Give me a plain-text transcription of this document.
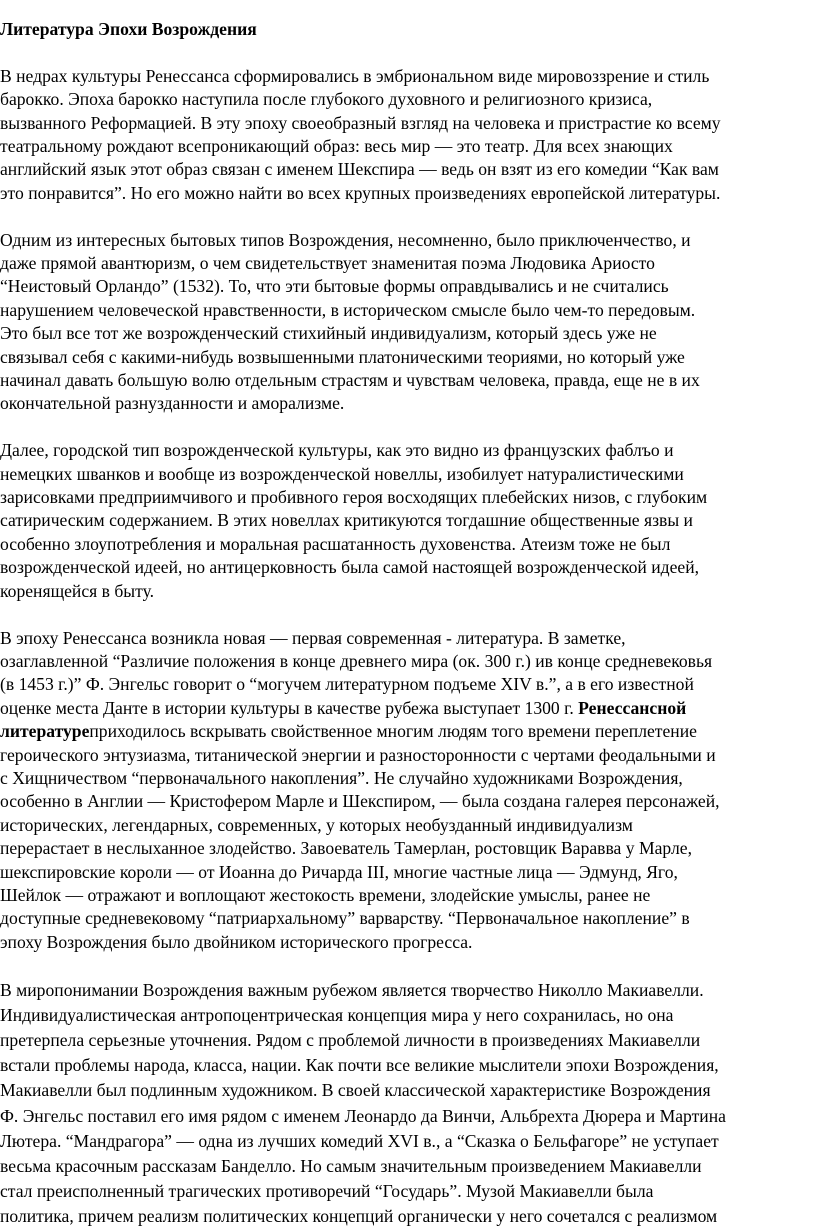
Литература Эпохи Возрождения
В недрах культуры Ренессанса сформировались в эмбриональном виде мировоззрение и стиль
барокко. Эпоха барокко наступила после глубокого духовного и религиозного кризиса,
вызванного Реформацией. В эту эпоху своеобразный взгляд на человека и пристрастие ко всему
театральному рождают всепроникающий образ: весь мир — это театр. Для всех знающих
английский язык этот образ связан с именем Шекспира — ведь он взят из его комедии “Как вам
это понравится”. Но его можно найти во всех крупных произведениях европейской литературы.
Одним из интересных бытовых типов Возрождения, несомненно, было приключенчество, и
даже прямой авантюризм, о чем свидетельствует знаменитая поэма Людовика Ариосто
“Неистовый Орландо” (1532). То, что эти бытовые формы оправдывались и не считались
нарушением человеческой нравственности, в историческом смысле было чем-то передовым.
Это был все тот же возрожденческий стихийный индивидуализм, который здесь уже не
связывал себя с какими-нибудь возвышенными платоническими теориями, но который уже
начинал давать большую волю отдельным страстям и чувствам человека, правда, еще не в их
окончательной разнузданности и аморализме.
Далее, городской тип возрожденческой культуры, как это видно из французских фаблъо и
немецких шванков и вообще из возрожденческой новеллы, изобилует натуралистическими
зарисовками предприимчивого и пробивного героя восходящих плебейских низов, с глубоким
сатирическим содержанием. В этих новеллах критикуются тогдашние общественные язвы и
особенно злоупотребления и моральная расшатанность духовенства. Атеизм тоже не был
возрожденческой идеей, но антицерковность была самой настоящей возрожденческой идеей,
коренящейся в быту.
В эпоху Ренессанса возникла новая — первая современная - литература. В заметке,
озаглавленной “Различие положения в конце древнего мира (ок. 300 г.) ив конце средневековья
(в 1453 г.)” Ф. Энгельс говорит о “могучем литературном подъеме XIV в.”, а в его известной
оценке места Данте в истории культуры в качестве рубежа выступает 1300 г. Ренессансной
литературеприходилось вскрывать свойственное многим людям того времени переплетение
героического энтузиазма, титанической энергии и разносторонности с чертами феодальными и
с Хищничеством “первоначального накопления”. Не случайно художниками Возрождения,
особенно в Англии — Кристофером Марле и Шекспиром, — была создана галерея персонажей,
исторических, легендарных, современных, у которых необузданный индивидуализм
перерастает в неслыханное злодейство. Завоеватель Тамерлан, ростовщик Варавва у Марле,
шекспировские короли — от Иоанна до Ричарда III, многие частные лица — Эдмунд, Яго,
Шейлок — отражают и воплощают жестокость времени, злодейские умыслы, ранее не
доступные средневековому “патриархальному” варварству. “Первоначальное накопление” в
эпоху Возрождения было двойником исторического прогресса.
В миропонимании Возрождения важным рубежом является творчество Николло Макиавелли.
Индивидуалистическая антропоцентрическая концепция мира у него сохранилась, но она
претерпела серьезные уточнения. Рядом с проблемой личности в произведениях Макиавелли
встали проблемы народа, класса, нации. Как почти все великие мыслители эпохи Возрождения,
Макиавелли был подлинным художником. В своей классической характеристике Возрождения
Ф. Энгельс поставил его имя рядом с именем Леонардо да Винчи, Альбрехта Дюрера и Мартина
Лютера. “Мандрагора” — одна из лучших комедий XVI в., а “Сказка о Бельфагоре” не уступает
весьма красочным рассказам Банделло. Но самым значительным произведением Макиавелли
стал преисполненный трагических противоречий “Государь”. Музой Макиавелли была
политика, причем реализм политических концепций органически у него сочетался с реализмом
